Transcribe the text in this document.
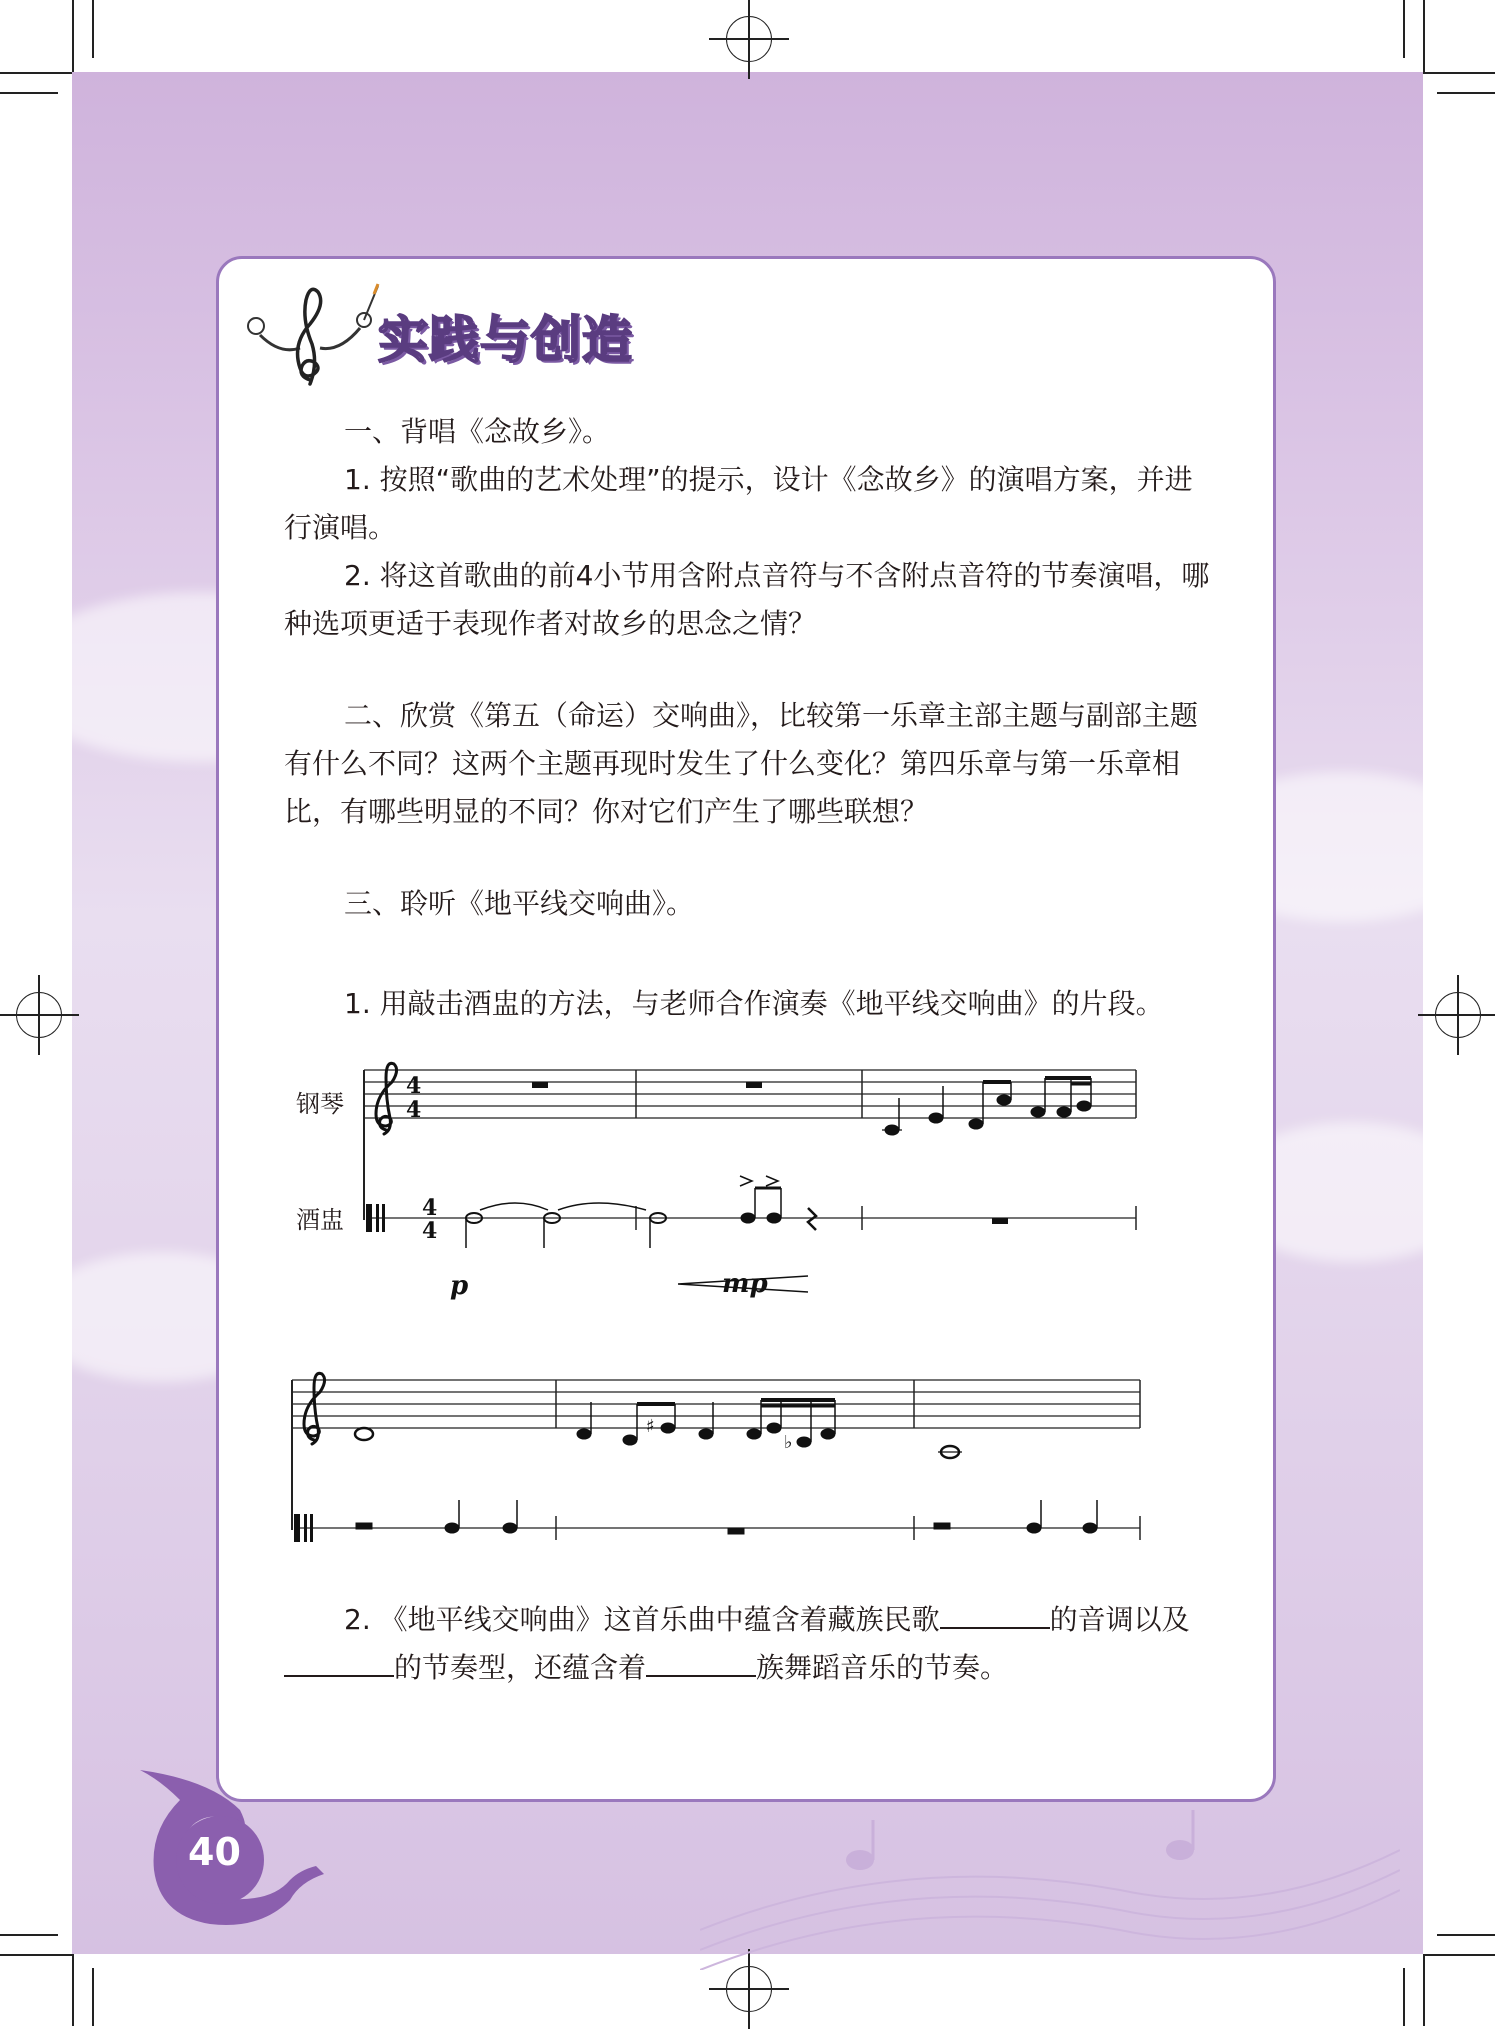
实践与创造

一、背唱《念故乡》。

1. 按照“歌曲的艺术处理”的提示，设计《念故乡》的演唱方案，并进行演唱。

2. 将这首歌曲的前4小节用含附点音符与不含附点音符的节奏演唱，哪种选项更适于表现作者对故乡的思念之情？

二、欣赏《第五（命运）交响曲》，比较第一乐章主部主题与副部主题有什么不同？这两个主题再现时发生了什么变化？第四乐章与第一乐章相比，有哪些明显的不同？你对它们产生了哪些联想？

三、聆听《地平线交响曲》。

1. 用敲击酒盅的方法，与老师合作演奏《地平线交响曲》的片段。

钢琴
酒盅
4
4
4
4
p	mp
♯
♭

2. 《地平线交响曲》这首乐曲中蕴含着藏族民歌	的音调以及的节奏型，还蕴含着	族舞蹈音乐的节奏。

40
